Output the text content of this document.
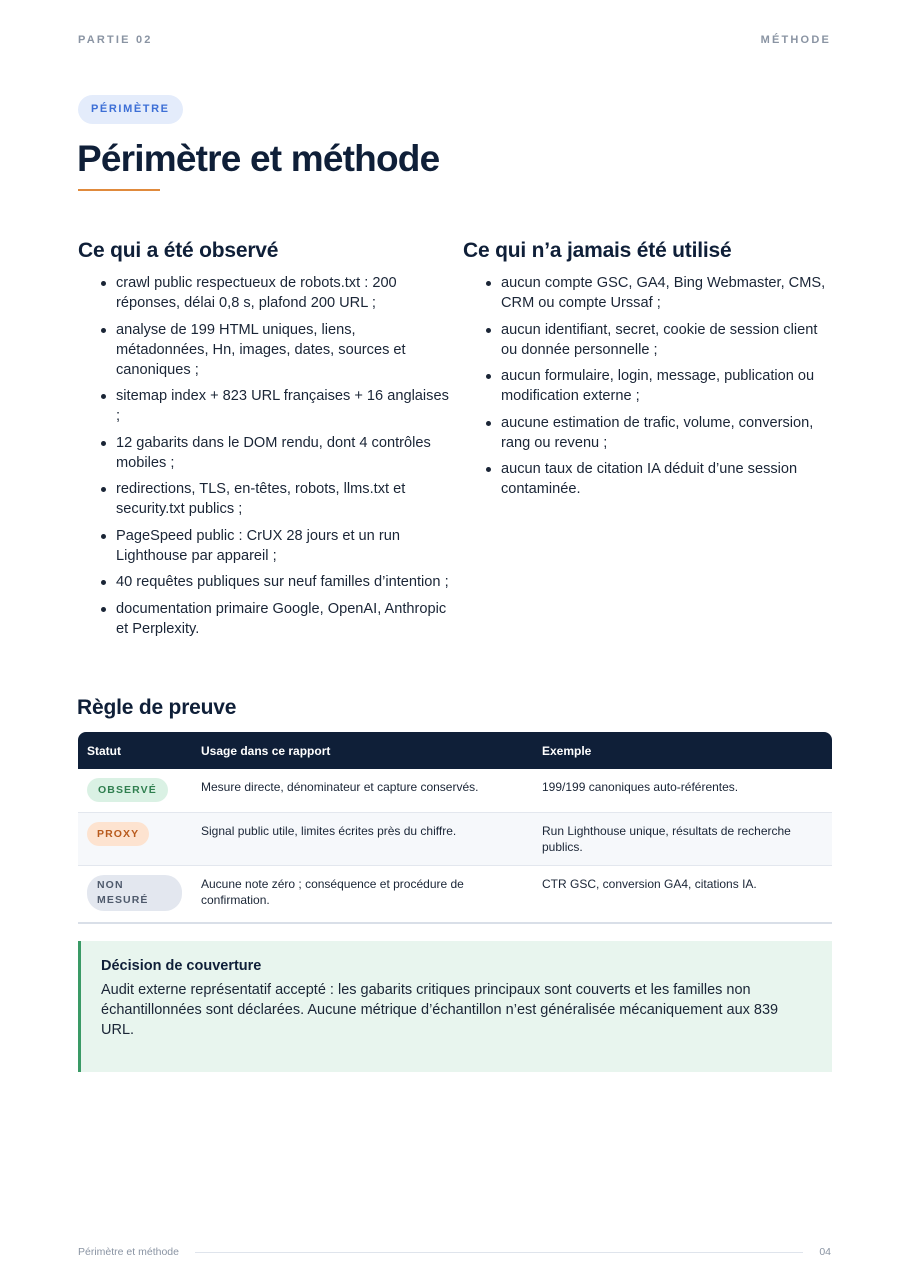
PARTIE 02	MÉTHODE
PÉRIMÈTRE
Périmètre et méthode
Ce qui a été observé
crawl public respectueux de robots.txt : 200 réponses, délai 0,8 s, plafond 200 URL ;
analyse de 199 HTML uniques, liens, métadonnées, Hn, images, dates, sources et canoniques ;
sitemap index + 823 URL françaises + 16 anglaises ;
12 gabarits dans le DOM rendu, dont 4 contrôles mobiles ;
redirections, TLS, en-têtes, robots, llms.txt et security.txt publics ;
PageSpeed public : CrUX 28 jours et un run Lighthouse par appareil ;
40 requêtes publiques sur neuf familles d’intention ;
documentation primaire Google, OpenAI, Anthropic et Perplexity.
Ce qui n’a jamais été utilisé
aucun compte GSC, GA4, Bing Webmaster, CMS, CRM ou compte Urssaf ;
aucun identifiant, secret, cookie de session client ou donnée personnelle ;
aucun formulaire, login, message, publication ou modification externe ;
aucune estimation de trafic, volume, conversion, rang ou revenu ;
aucun taux de citation IA déduit d’une session contaminée.
Règle de preuve
Statut	Usage dans ce rapport	Exemple
OBSERVÉ	Mesure directe, dénominateur et capture conservés.	199/199 canoniques auto-référentes.
PROXY	Signal public utile, limites écrites près du chiffre.	Run Lighthouse unique, résultats de recherche publics.
NON MESURÉ	Aucune note zéro ; conséquence et procédure de confirmation.	CTR GSC, conversion GA4, citations IA.
Décision de couverture

Audit externe représentatif accepté : les gabarits critiques principaux sont couverts et les familles non échantillonnées sont déclarées. Aucune métrique d’échantillon n’est généralisée mécaniquement aux 839 URL.

Périmètre et méthode	04
